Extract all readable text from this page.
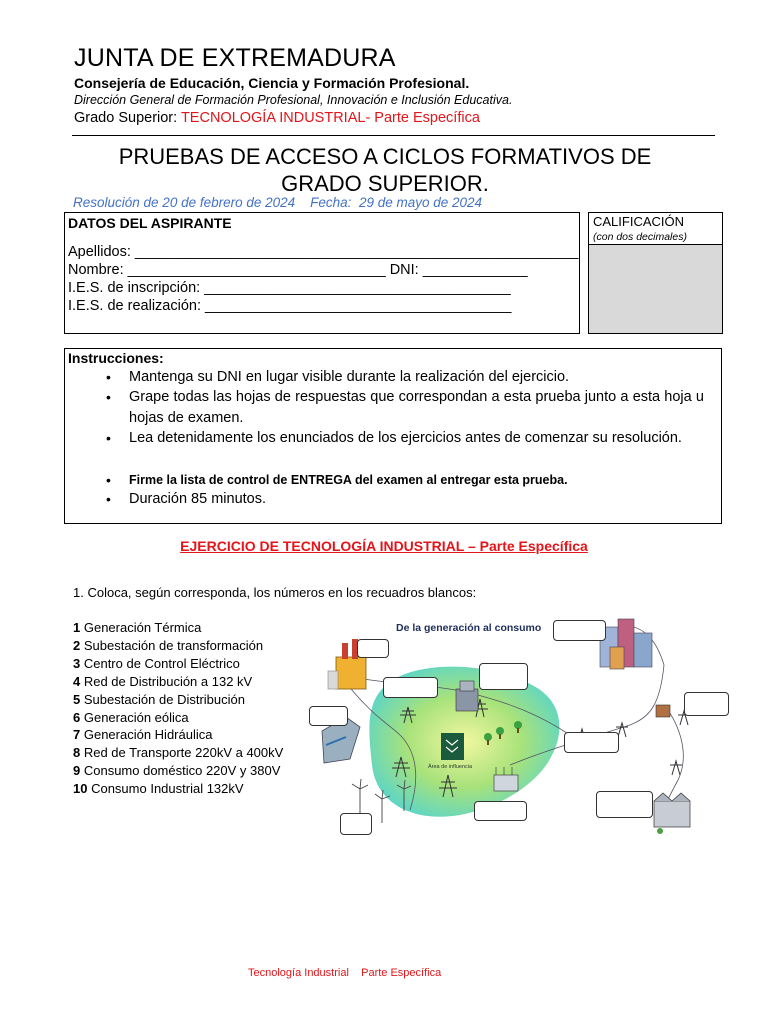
JUNTA DE EXTREMADURA
Consejería de Educación, Ciencia y Formación Profesional.
Dirección General de Formación Profesional, Innovación e Inclusión Educativa.
Grado Superior: TECNOLOGÍA INDUSTRIAL- Parte Específica
PRUEBAS DE ACCESO A CICLOS FORMATIVOS DE
GRADO SUPERIOR.
Resolución de 20 de febrero de 2024    Fecha:  29 de mayo de 2024
DATOS DEL ASPIRANTE
Apellidos: _______________________________________________________
Nombre: ________________________________ DNI: _____________
I.E.S. de inscripción: ______________________________________
I.E.S. de realización: ______________________________________
CALIFICACIÓN
(con dos decimales)
Instrucciones:
• Mantenga su DNI en lugar visible durante la realización del ejercicio.
• Grape todas las hojas de respuestas que correspondan a esta prueba junto a esta hoja u hojas de examen.
• Lea detenidamente los enunciados de los ejercicios antes de comenzar su resolución.
• Firme la lista de control de ENTREGA del examen al entregar esta prueba.
• Duración 85 minutos.
EJERCICIO DE TECNOLOGÍA INDUSTRIAL – Parte Específica
1. Coloca, según corresponda, los números en los recuadros blancos:
1 Generación Térmica
2 Subestación de transformación
3 Centro de Control Eléctrico
4 Red de Distribución a 132 kV
5 Subestación de Distribución
6 Generación eólica
7 Generación Hidráulica
8 Red de Transporte 220kV a 400kV
9 Consumo doméstico 220V y 380V
10 Consumo Industrial 132kV
De la generación al consumo
Área de influencia
Tecnología Industrial    Parte Específica
